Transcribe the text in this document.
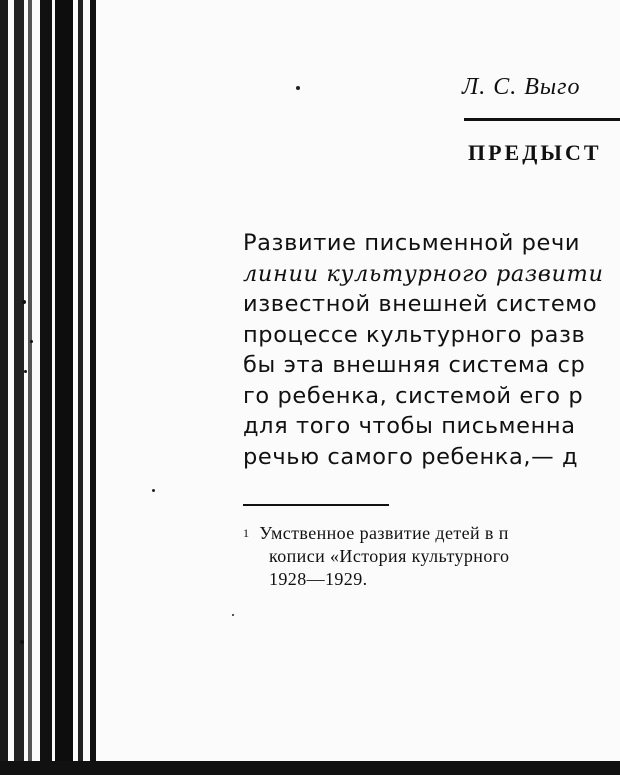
Л. С. Выго
ПРЕДЫСТ
Развитие письменной речи
линии культурного развити
известной внешней системо
процессе культурного разв
бы эта внешняя система ср
го ребенка, системой его р
для того чтобы письменна
речью самого ребенка,— д
$^1$ Умственное развитие детей в п
кописи «История культурного
1928—1929.
